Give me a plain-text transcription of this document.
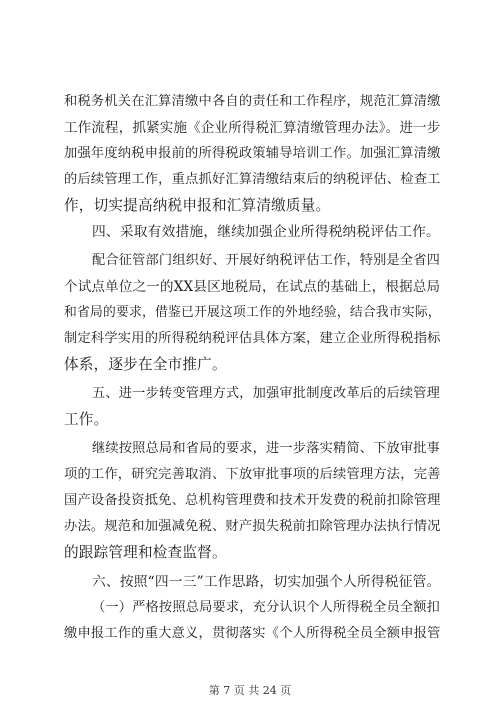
和税务机关在汇算清缴中各自的责任和工作程序，规范汇算清缴
工作流程，抓紧实施《企业所得税汇算清缴管理办法》。进一步
加强年度纳税申报前的所得税政策辅导培训工作。加强汇算清缴
的后续管理工作，重点抓好汇算清缴结束后的纳税评估、检查工
作，切实提高纳税申报和汇算清缴质量。
四、采取有效措施，继续加强企业所得税纳税评估工作。
配合征管部门组织好、开展好纳税评估工作，特别是全省四
个试点单位之一的XX县区地税局，在试点的基础上，根据总局
和省局的要求，借鉴已开展这项工作的外地经验，结合我市实际，
制定科学实用的所得税纳税评估具体方案，建立企业所得税指标
体系，逐步在全市推广。
五、进一步转变管理方式，加强审批制度改革后的后续管理
工作。
继续按照总局和省局的要求，进一步落实精简、下放审批事
项的工作，研究完善取消、下放审批事项的后续管理方法，完善
国产设备投资抵免、总机构管理费和技术开发费的税前扣除管理
办法。规范和加强减免税、财产损失税前扣除管理办法执行情况
的跟踪管理和检查监督。
六、按照“四一三”工作思路，切实加强个人所得税征管。
（一）严格按照总局要求，充分认识个人所得税全员全额扣
缴申报工作的重大意义，贯彻落实《个人所得税全员全额申报管
第 7 页 共 24 页
